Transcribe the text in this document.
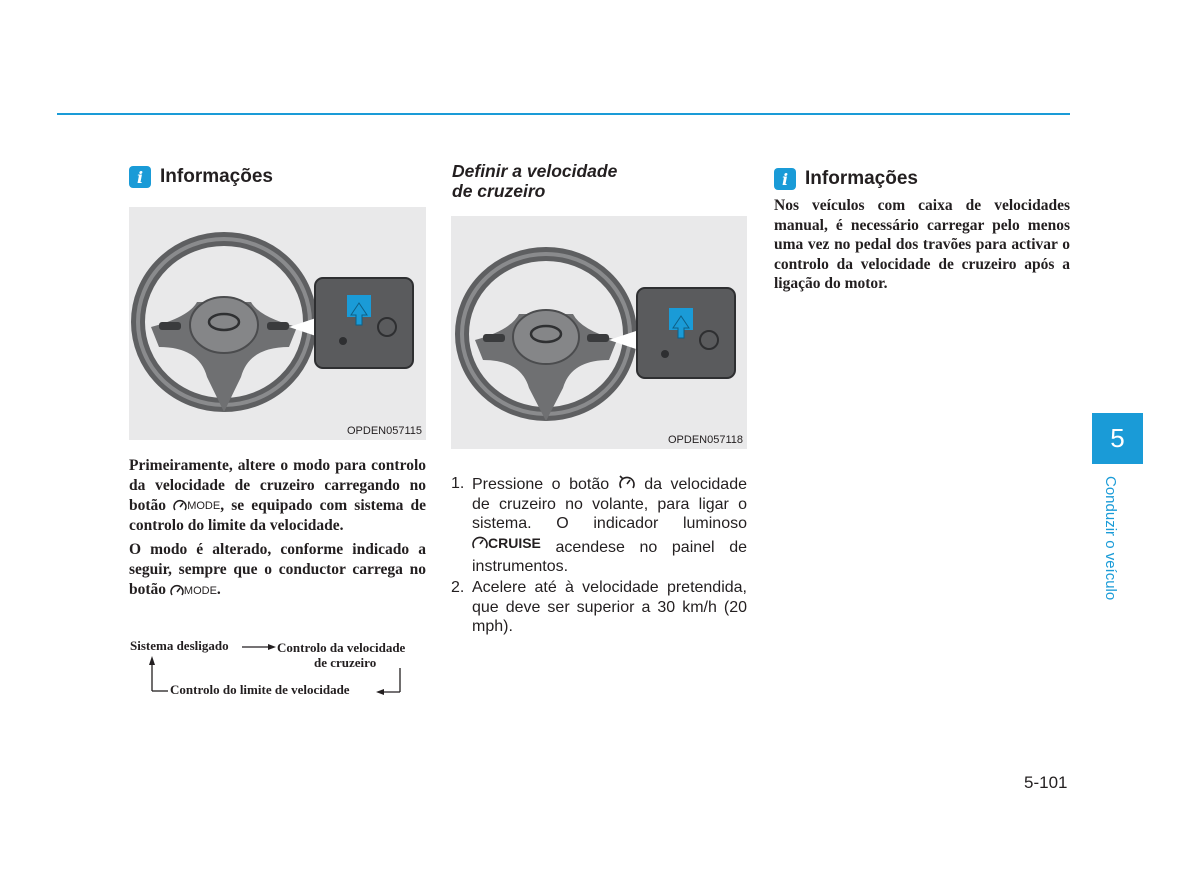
i Informações
OPDEN057115

Primeiramente, altere o modo para controlo da velocidade de cruzeiro carregando no botão MODE , se equipado com sistema de controlo do limite da velocidade.

O modo é alterado, conforme indicado a seguir, sempre que o conductor carrega no botão MODE .

Sistema desligado	Controlo da velocidade
de cruzeiro
Controlo do limite de velocidade
Definir a velocidade
de cruzeiro
OPDEN057118
1. Pressione o botão da velocidade de cruzeiro no volante, para ligar o sistema. O indicador luminoso
CRUISE acendese no painel de instrumentos.
2. Acelere até à velocidade pretendida, que deve ser superior a 30 km/h (20 mph).
i Informações

Nos veículos com caixa de velocidades manual, é necessário carregar pelo menos uma vez no pedal dos travões para activar o controlo da velocidade de cruzeiro após a ligação do motor.

5
Conduzir o veículo
5-101
